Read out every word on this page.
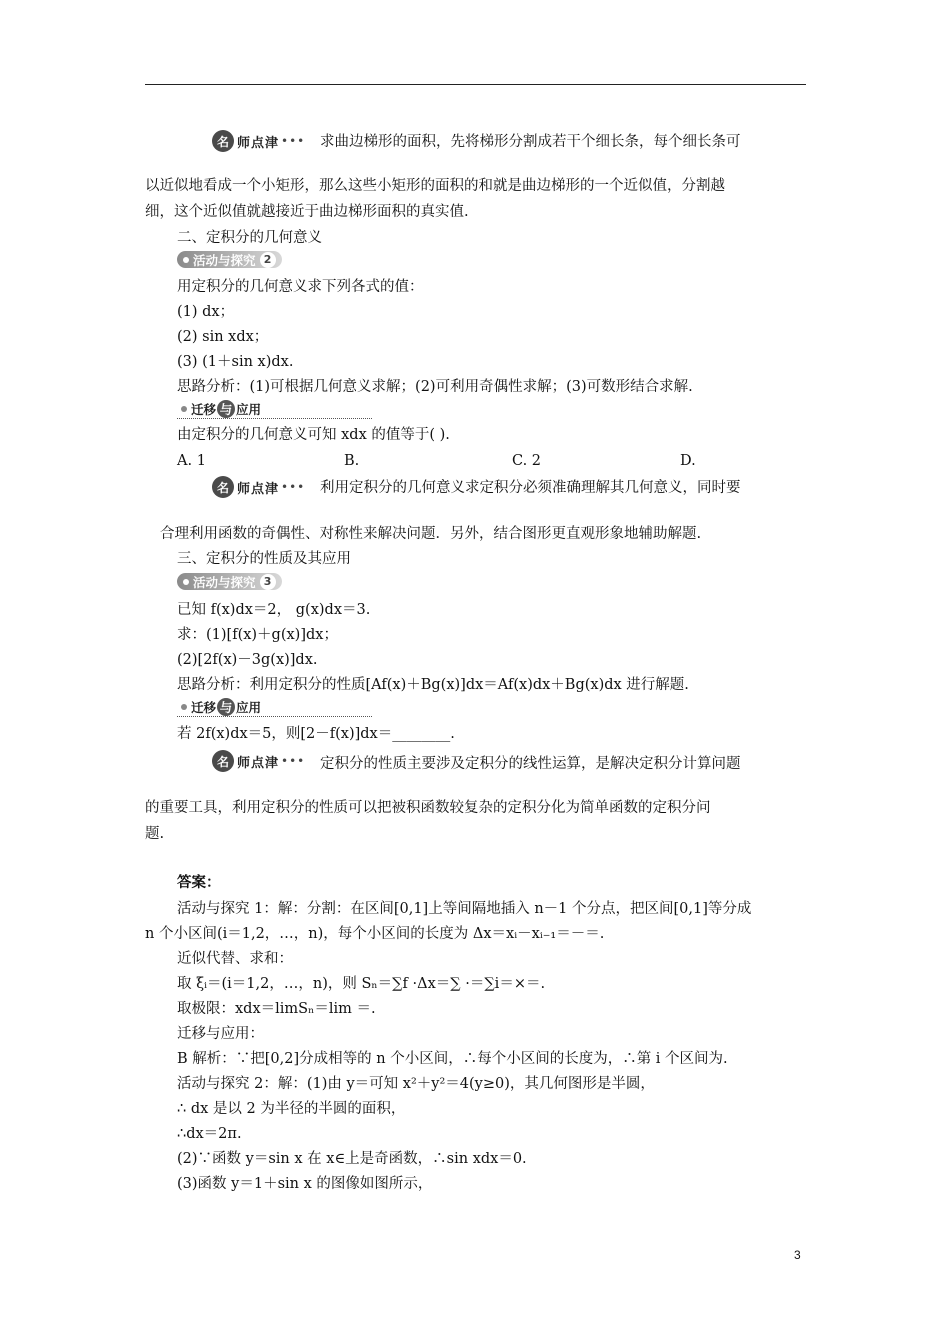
名 师点津 ••• 求曲边梯形的面积，先将梯形分割成若干个细长条，每个细长条可
以近似地看成一个小矩形，那么这些小矩形的面积的和就是曲边梯形的一个近似值，分割越
细，这个近似值就越接近于曲边梯形面积的真实值.
二、定积分的几何意义
活动与探究 2
用定积分的几何意义求下列各式的值：
(1) dx；
(2) sin xdx；
(3) (1＋sin x)dx.
思路分析：(1)可根据几何意义求解；(2)可利用奇偶性求解；(3)可数形结合求解.
迁移 与 应用
由定积分的几何意义可知 xdx 的值等于( ).
A. 1	B.	C. 2	D.
名 师点津 ••• 利用定积分的几何意义求定积分必须准确理解其几何意义，同时要
合理利用函数的奇偶性、对称性来解决问题．另外，结合图形更直观形象地辅助解题.
三、定积分的性质及其应用
活动与探究 3
已知 f(x)dx＝2， g(x)dx＝3.
求：(1)[f(x)＋g(x)]dx；
(2)[2f(x)－3g(x)]dx.
思路分析：利用定积分的性质[Af(x)＋Bg(x)]dx＝Af(x)dx＋Bg(x)dx 进行解题.
迁移 与 应用
若 2f(x)dx＝5，则[2－f(x)]dx＝________.
名 师点津 ••• 定积分的性质主要涉及定积分的线性运算，是解决定积分计算问题
的重要工具，利用定积分的性质可以把被积函数较复杂的定积分化为简单函数的定积分问
题.
答案：
活动与探究 1：解：分割：在区间[0,1]上等间隔地插入 n－1 个分点，把区间[0,1]等分成
n 个小区间(i＝1,2，…，n)，每个小区间的长度为 Δx＝xᵢ－xᵢ₋₁＝－＝.
近似代替、求和：
取 ξᵢ＝(i＝1,2，…，n)，则 Sₙ＝∑f ·Δx＝∑ ·＝∑i＝×＝.
取极限：xdx＝limSₙ＝lim ＝.
迁移与应用：
B 解析：∵把[0,2]分成相等的 n 个小区间，∴每个小区间的长度为，∴第 i 个区间为.
活动与探究 2：解：(1)由 y＝可知 x²＋y²＝4(y≥0)，其几何图形是半圆，
∴ dx 是以 2 为半径的半圆的面积，
∴dx＝2π.
(2)∵函数 y＝sin x 在 x∈上是奇函数，∴sin xdx＝0.
(3)函数 y＝1＋sin x 的图像如图所示，
3
